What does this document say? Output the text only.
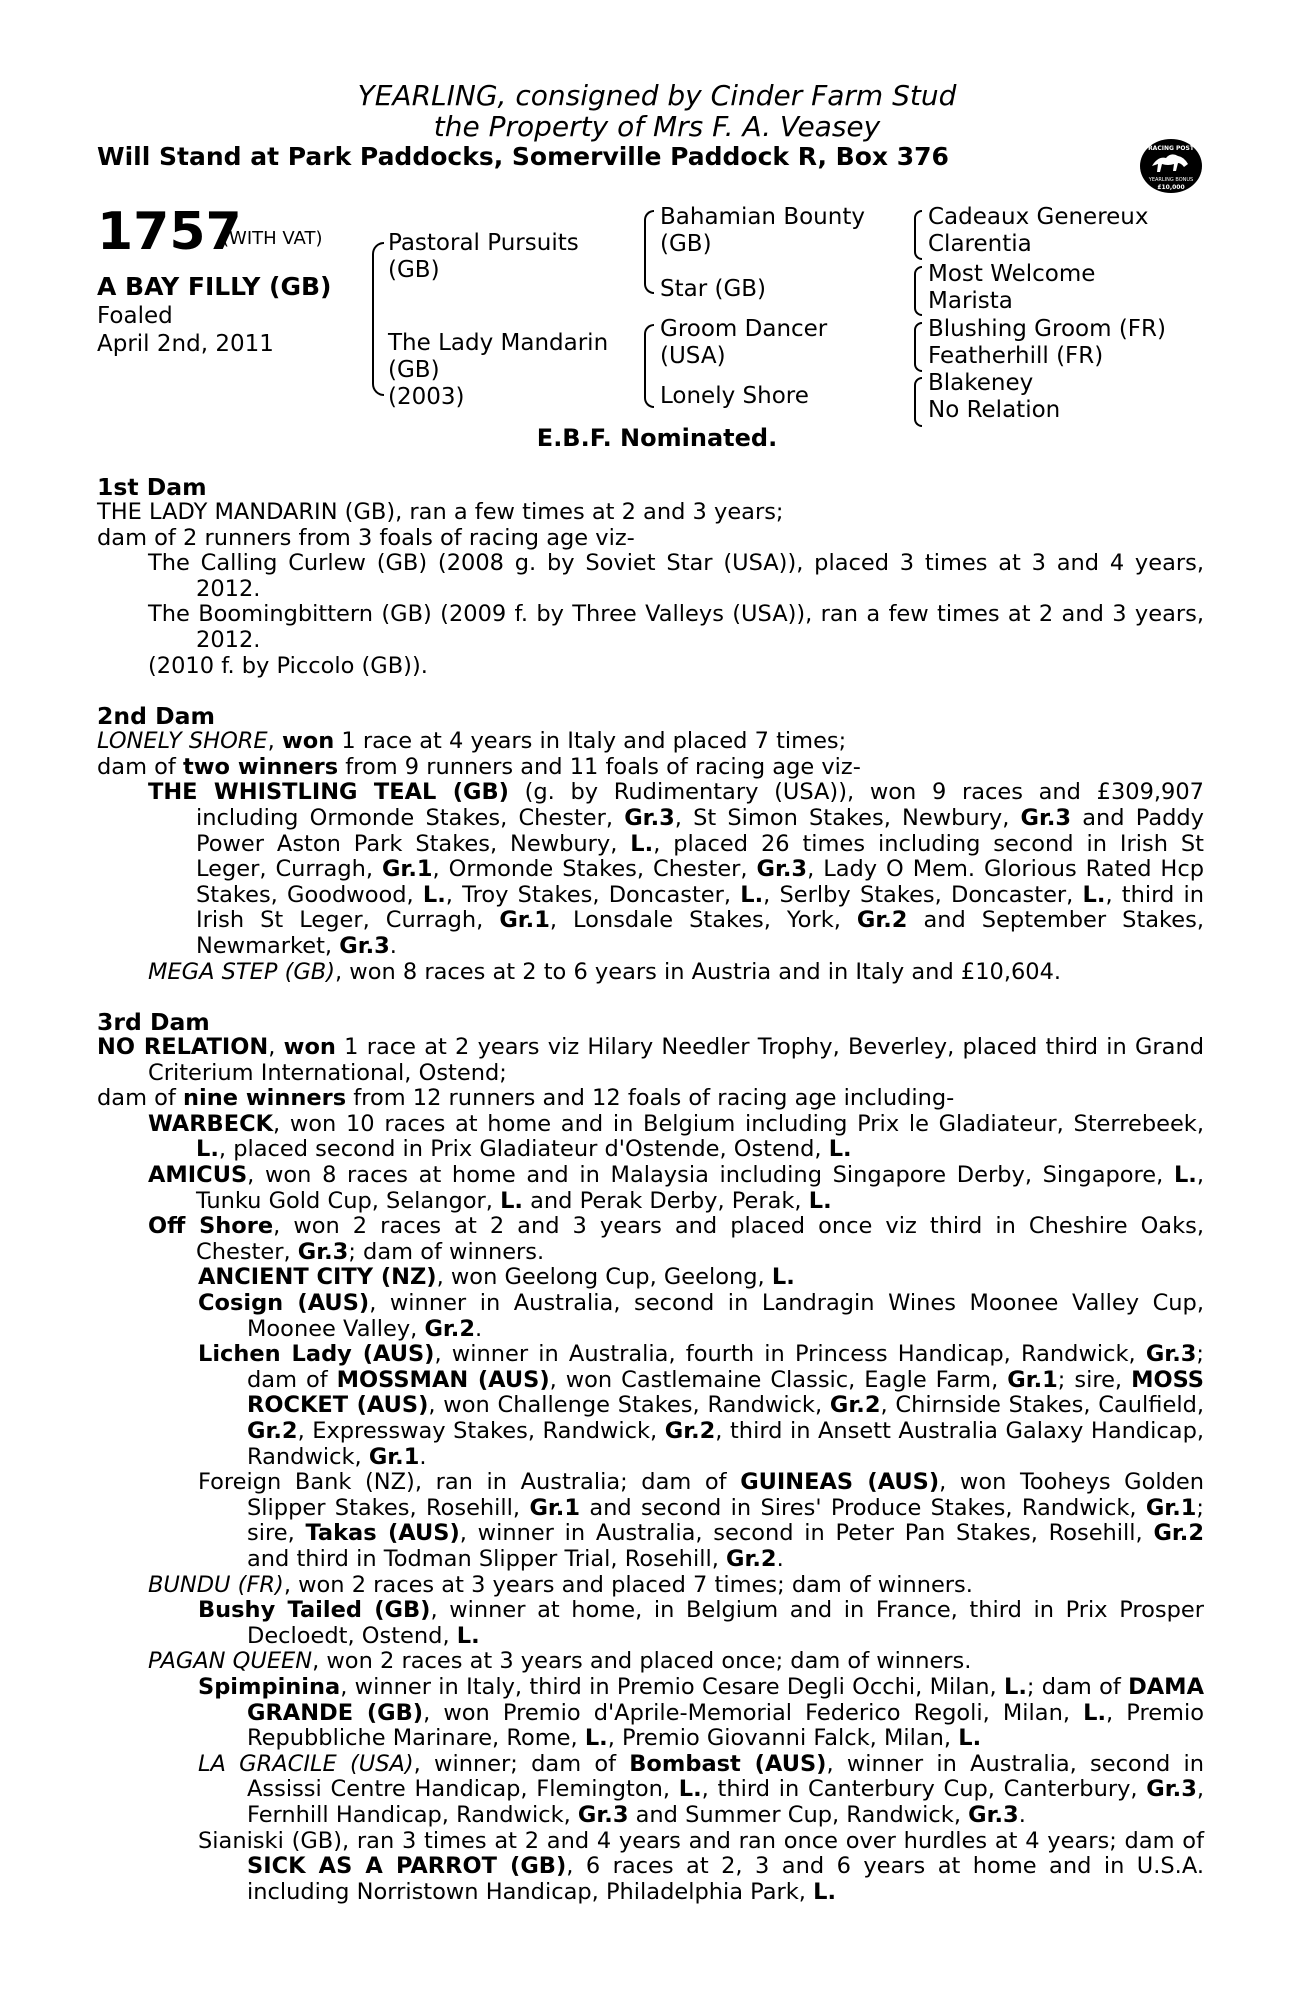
YEARLING, consigned by Cinder Farm Stud
the Property of Mrs F. A. Veasey
Will Stand at Park Paddocks, Somerville Paddock R, Box 376	RACING POST
YEARLING BONUS
£10,000
1757
(WITH VAT)
A BAY FILLY (GB)
Foaled
April 2nd, 2011
Pastoral Pursuits
(GB)
The Lady Mandarin
(GB)
(2003)
Bahamian Bounty
(GB)
Star (GB)
Groom Dancer
(USA)
Lonely Shore
Cadeaux Genereux
Clarentia
Most Welcome
Marista
Blushing Groom (FR)
Featherhill (FR)
Blakeney
No Relation
E.B.F. Nominated.
1st Dam
THE LADY MANDARIN (GB), ran a few times at 2 and 3 years;
dam of 2 runners from 3 foals of racing age viz-
The Calling Curlew (GB) (2008 g. by Soviet Star (USA)), placed 3 times at 3 and 4 years, 2012.
The Boomingbittern (GB) (2009 f. by Three Valleys (USA)), ran a few times at 2 and 3 years, 2012.
(2010 f. by Piccolo (GB)).
2nd Dam
LONELY SHORE, won 1 race at 4 years in Italy and placed 7 times;
dam of two winners from 9 runners and 11 foals of racing age viz-
THE WHISTLING TEAL (GB) (g. by Rudimentary (USA)), won 9 races and £309,907 including Ormonde Stakes, Chester, Gr.3, St Simon Stakes, Newbury, Gr.3 and Paddy Power Aston Park Stakes, Newbury, L., placed 26 times including second in Irish St Leger, Curragh, Gr.1, Ormonde Stakes, Chester, Gr.3, Lady O Mem. Glorious Rated Hcp Stakes, Goodwood, L., Troy Stakes, Doncaster, L., Serlby Stakes, Doncaster, L., third in Irish St Leger, Curragh, Gr.1, Lonsdale Stakes, York, Gr.2 and September Stakes, Newmarket, Gr.3.
MEGA STEP (GB), won 8 races at 2 to 6 years in Austria and in Italy and £10,604.
3rd Dam
NO RELATION, won 1 race at 2 years viz Hilary Needler Trophy, Beverley, placed third in Grand Criterium International, Ostend;
dam of nine winners from 12 runners and 12 foals of racing age including-
WARBECK, won 10 races at home and in Belgium including Prix le Gladiateur, Sterrebeek, L., placed second in Prix Gladiateur d'Ostende, Ostend, L.
AMICUS, won 8 races at home and in Malaysia including Singapore Derby, Singapore, L., Tunku Gold Cup, Selangor, L. and Perak Derby, Perak, L.
Off Shore, won 2 races at 2 and 3 years and placed once viz third in Cheshire Oaks, Chester, Gr.3; dam of winners.
ANCIENT CITY (NZ), won Geelong Cup, Geelong, L.
Cosign (AUS), winner in Australia, second in Landragin Wines Moonee Valley Cup, Moonee Valley, Gr.2.
Lichen Lady (AUS), winner in Australia, fourth in Princess Handicap, Randwick, Gr.3; dam of MOSSMAN (AUS), won Castlemaine Classic, Eagle Farm, Gr.1; sire, MOSS ROCKET (AUS), won Challenge Stakes, Randwick, Gr.2, Chirnside Stakes, Caulfield, Gr.2, Expressway Stakes, Randwick, Gr.2, third in Ansett Australia Galaxy Handicap, Randwick, Gr.1.
Foreign Bank (NZ), ran in Australia; dam of GUINEAS (AUS), won Tooheys Golden Slipper Stakes, Rosehill, Gr.1 and second in Sires' Produce Stakes, Randwick, Gr.1; sire, Takas (AUS), winner in Australia, second in Peter Pan Stakes, Rosehill, Gr.2 and third in Todman Slipper Trial, Rosehill, Gr.2.
BUNDU (FR), won 2 races at 3 years and placed 7 times; dam of winners.
Bushy Tailed (GB), winner at home, in Belgium and in France, third in Prix Prosper Decloedt, Ostend, L.
PAGAN QUEEN, won 2 races at 3 years and placed once; dam of winners.
Spimpinina, winner in Italy, third in Premio Cesare Degli Occhi, Milan, L.; dam of DAMA GRANDE (GB), won Premio d'Aprile-Memorial Federico Regoli, Milan, L., Premio Repubbliche Marinare, Rome, L., Premio Giovanni Falck, Milan, L.
LA GRACILE (USA), winner; dam of Bombast (AUS), winner in Australia, second in Assissi Centre Handicap, Flemington, L., third in Canterbury Cup, Canterbury, Gr.3, Fernhill Handicap, Randwick, Gr.3 and Summer Cup, Randwick, Gr.3.
Sianiski (GB), ran 3 times at 2 and 4 years and ran once over hurdles at 4 years; dam of SICK AS A PARROT (GB), 6 races at 2, 3 and 6 years at home and in U.S.A. including Norristown Handicap, Philadelphia Park, L.
